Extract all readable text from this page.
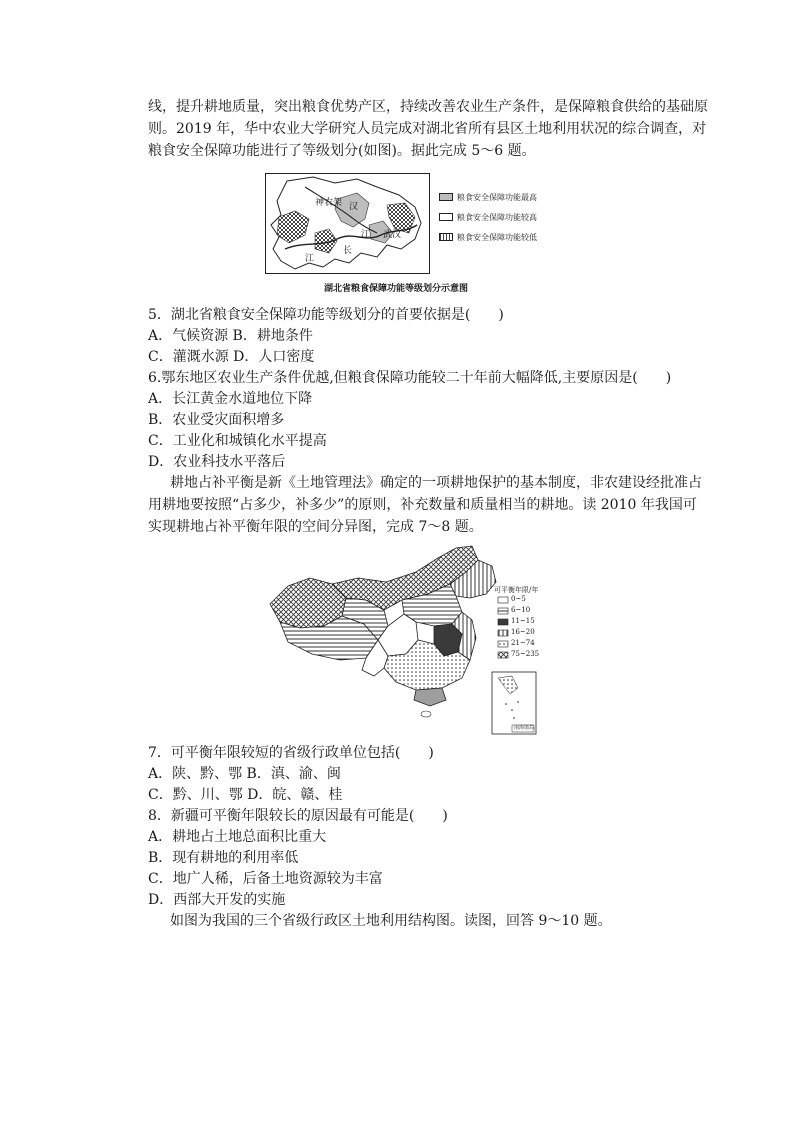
线，提升耕地质量，突出粮食优势产区，持续改善农业生产条件，是保障粮食供给的基础原
则。2019 年，华中农业大学研究人员完成对湖北省所有县区土地利用状况的综合调查，对
粮食安全保障功能进行了等级划分(如图)。据此完成 5～6 题。
神农架 汉
江 武汉
长
江
粮食安全保障功能最高
粮食安全保障功能较高
粮食安全保障功能较低
湖北省粮食保障功能等级划分示意图
5．湖北省粮食安全保障功能等级划分的首要依据是(　　)
A．气候资源 B．耕地条件
C．灌溉水源 D．人口密度
6.鄂东地区农业生产条件优越,但粮食保障功能较二十年前大幅降低,主要原因是(　　)
A．长江黄金水道地位下降
B．农业受灾面积增多
C．工业化和城镇化水平提高
D．农业科技水平落后
耕地占补平衡是新《土地管理法》确定的一项耕地保护的基本制度，非农建设经批准占
用耕地要按照“占多少，补多少”的原则，补充数量和质量相当的耕地。读 2010 年我国可
实现耕地占补平衡年限的空间分异图，完成 7～8 题。
可平衡年限/年
0~5
6~10
11~15
16~20
21~74
75~235
南海诸岛
7．可平衡年限较短的省级行政单位包括(　　)
A．陕、黔、鄂 B．滇、渝、闽
C．黔、川、鄂 D．皖、赣、桂
8．新疆可平衡年限较长的原因最有可能是(　　)
A．耕地占土地总面积比重大
B．现有耕地的利用率低
C．地广人稀，后备土地资源较为丰富
D．西部大开发的实施
如图为我国的三个省级行政区土地利用结构图。读图，回答 9～10 题。
